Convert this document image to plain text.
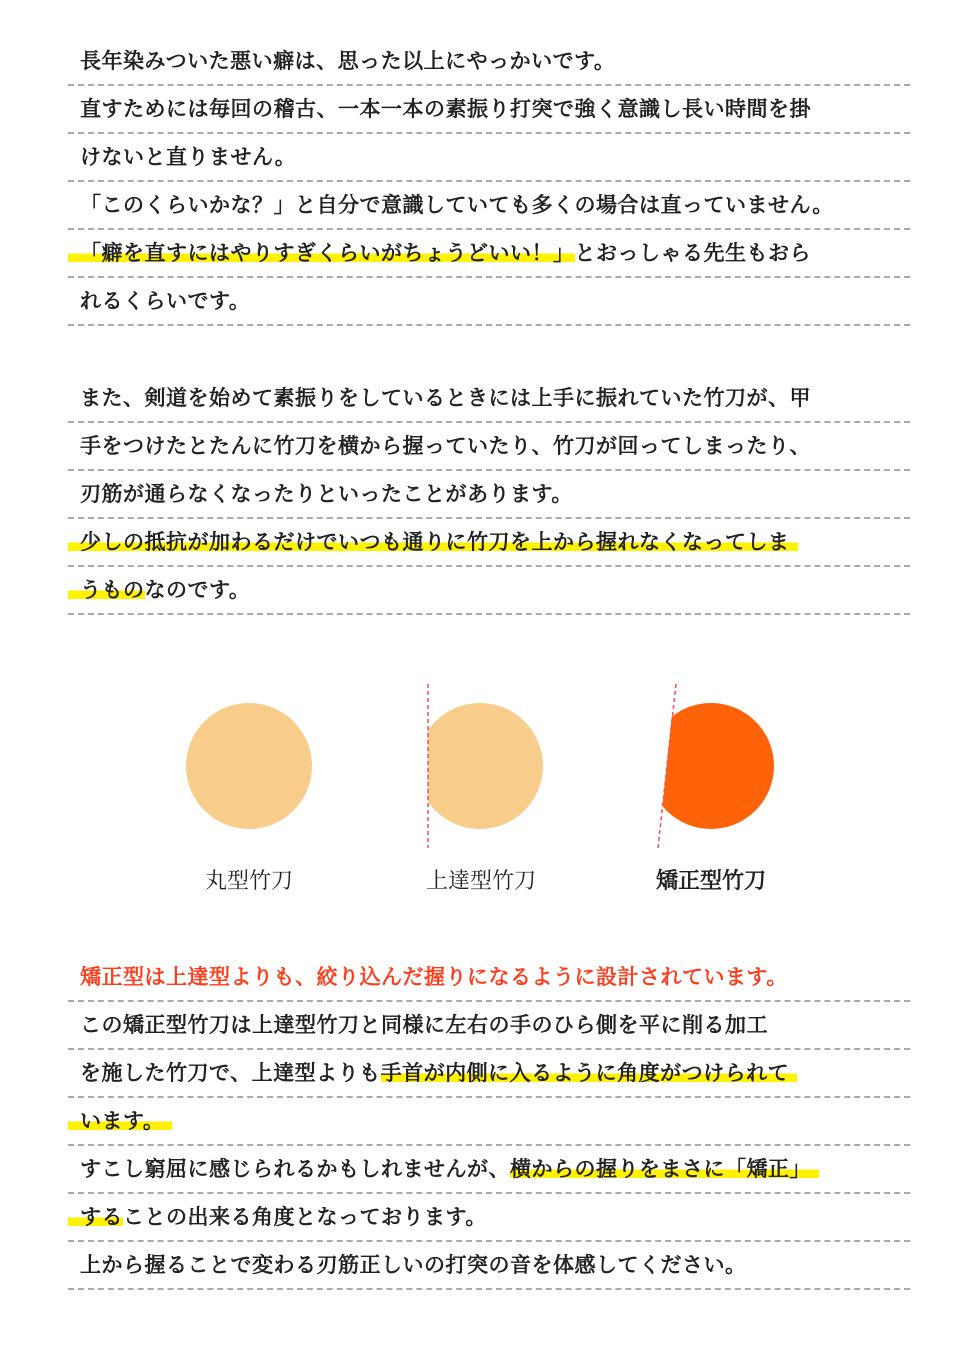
長年染みついた悪い癖は、思った以上にやっかいです。
直すためには毎回の稽古、一本一本の素振り打突で強く意識し長い時間を掛
けないと直りません。
「このくらいかな？」と自分で意識していても多くの場合は直っていません。
「癖を直すにはやりすぎくらいがちょうどいい！」とおっしゃる先生もおら
れるくらいです。
また、剣道を始めて素振りをしているときには上手に振れていた竹刀が、甲
手をつけたとたんに竹刀を横から握っていたり、竹刀が回ってしまったり、
刃筋が通らなくなったりといったことがあります。
少しの抵抗が加わるだけでいつも通りに竹刀を上から握れなくなってしま
うものなのです。
丸型竹刀	上達型竹刀	矯正型竹刀
矯正型は上達型よりも、絞り込んだ握りになるように設計されています。
この矯正型竹刀は上達型竹刀と同様に左右の手のひら側を平に削る加工
を施した竹刀で、上達型よりも手首が内側に入るように角度がつけられて
います。
すこし窮屈に感じられるかもしれませんが、横からの握りをまさに「矯正」
することの出来る角度となっております。
上から握ることで変わる刃筋正しいの打突の音を体感してください。
